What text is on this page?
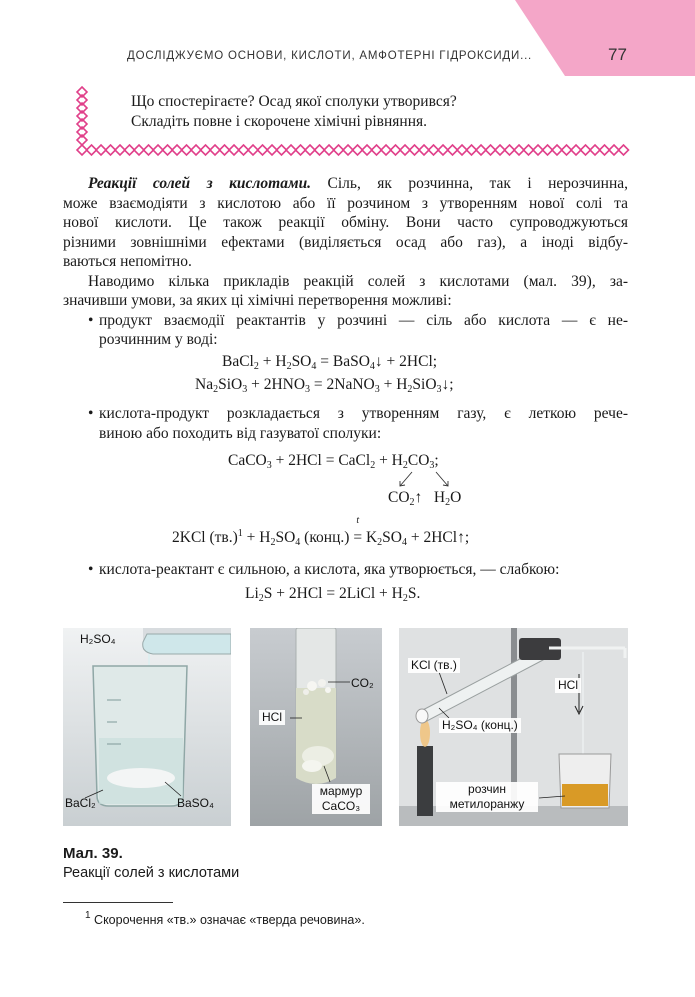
ДОСЛІДЖУЄМО ОСНОВИ, КИСЛОТИ, АМФОТЕРНІ ГІДРОКСИДИ...	77
Що спостерігаєте? Осад якої сполуки утворився?
Складіть повне і скорочене хімічні рівняння.
Реакції солей з кислотами. Сіль, як розчинна, так і нерозчинна,
може взаємодіяти з кислотою або її розчином з утворенням нової солі та
нової кислоти. Це також реакції обміну. Вони часто супроводжуються
різними зовнішніми ефектами (виділяється осад або газ), а іноді відбу-
ваються непомітно.
Наводимо кілька прикладів реакцій солей з кислотами (мал. 39), за-
значивши умови, за яких ці хімічні перетворення можливі:
• продукт взаємодії реактантів у розчині — сіль або кислота — є не-
розчинним у воді:
BaCl$_2$ + $H_2SO_4$ = BaSO$_4$↓ + 2HCl;
$Na_2SiO_3 + 2HNO_3$ = 2NaNO$_3$ + $H_2SiO_3↓$;
• кислота-продукт розкладається з утворенням газу, є леткою рече-
виною або походить від газуватої сполуки:
CaCO$_3$ + 2HCl = CaCl$_2$ + $H_2CO_3$;
$CO_2↑$   $H_2O$
2KCl $(тв.)^1 + H_2SO_4$ (конц.)
t
= $K_2SO_4$ + 2HCl↑;
• кислота-реактант є сильною, а кислота, яка утворюється, — слабкою:
$Li_2S + 2HCl$ = 2LiCl + $H_2S$.
H₂SO₄
BaCl₂	BaSO₄
CO₂
HCl
мармур
CaCO₃
KCl (тв.)
HCl
H₂SO₄ (конц.)
розчин
метилоранжу
Мал. 39.
Реакції солей з кислотами
$^1$ Скорочення «тв.» означає «тверда речовина».
